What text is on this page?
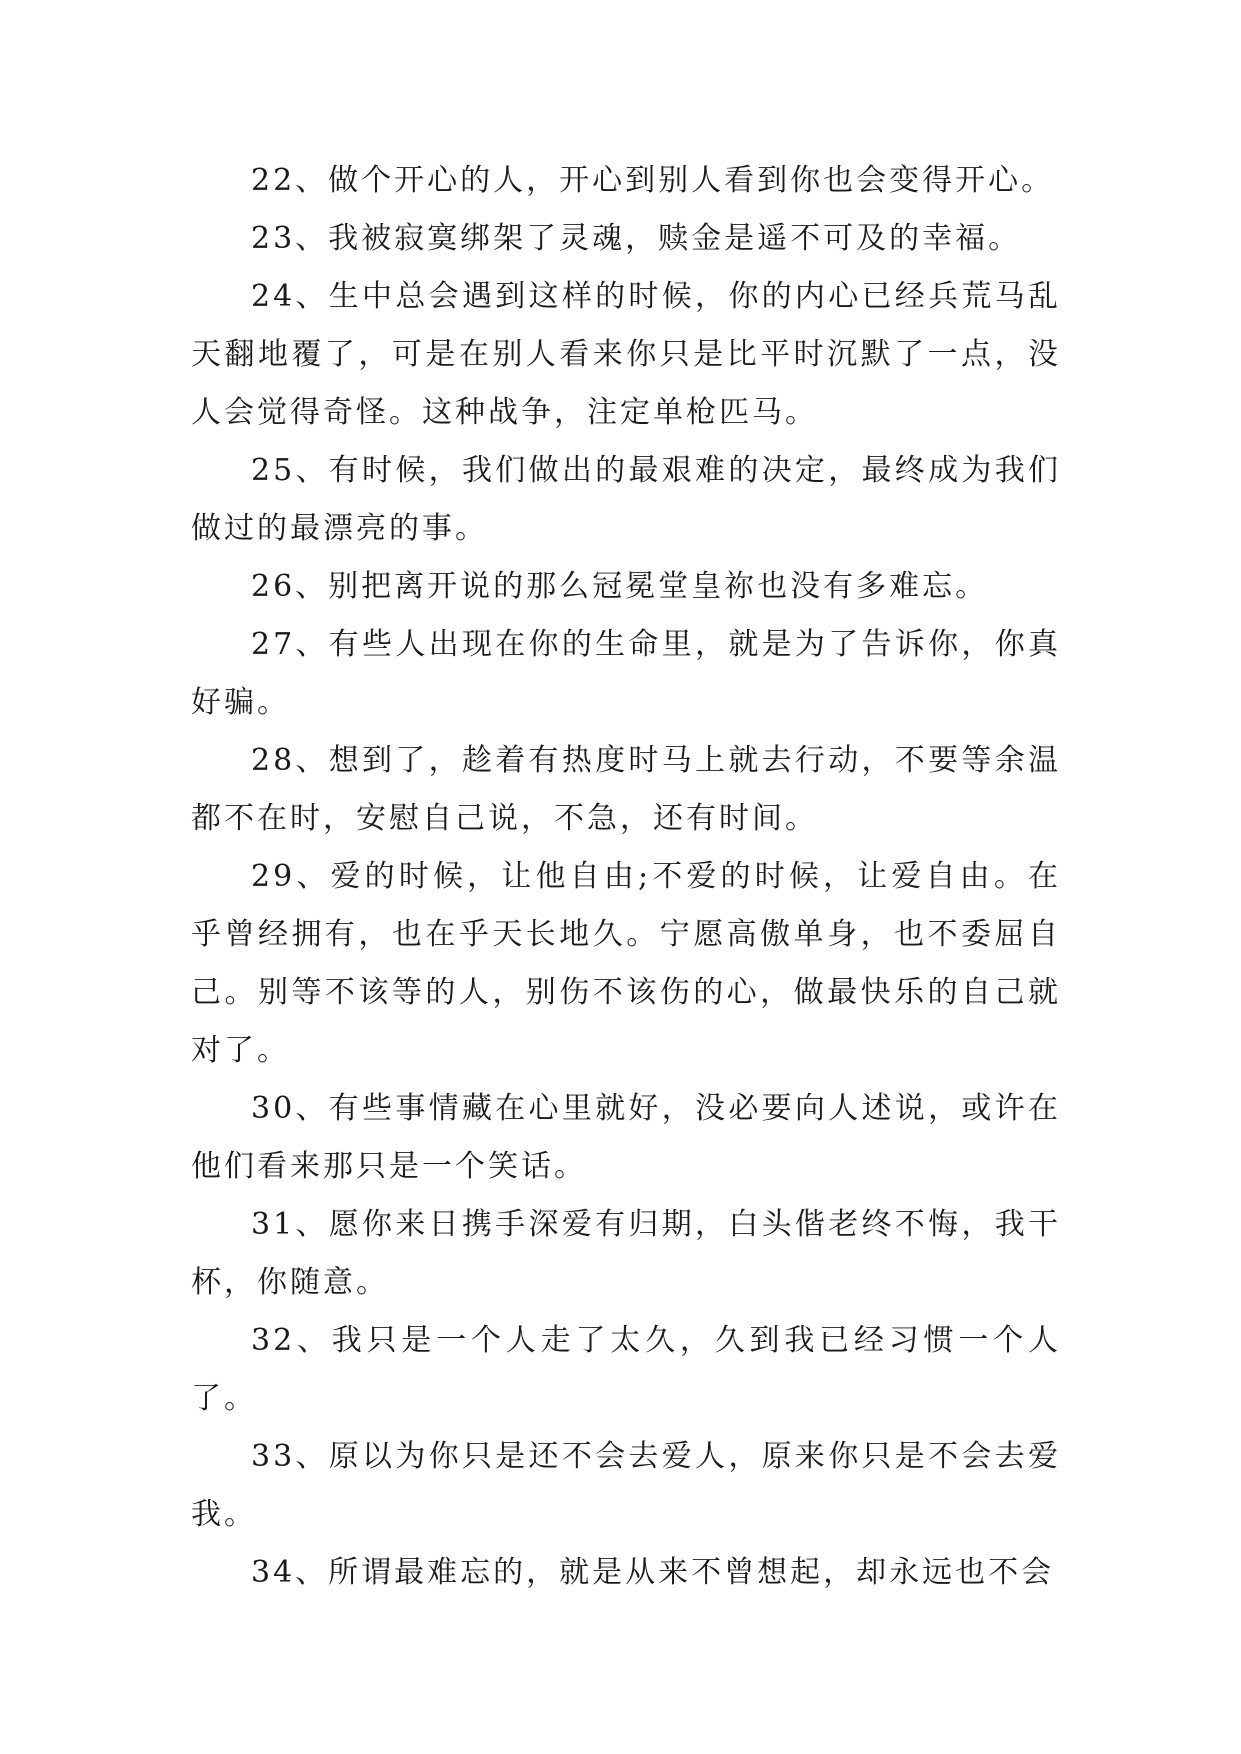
22、做个开心的人，开心到别人看到你也会变得开心。

23、我被寂寞绑架了灵魂，赎金是遥不可及的幸福。

24、生中总会遇到这样的时候，你的内心已经兵荒马乱天翻地覆了，可是在别人看来你只是比平时沉默了一点，没人会觉得奇怪。这种战争，注定单枪匹马。

25、有时候，我们做出的最艰难的决定，最终成为我们做过的最漂亮的事。

26、别把离开说的那么冠冕堂皇祢也没有多难忘。

27、有些人出现在你的生命里，就是为了告诉你，你真好骗。

28、想到了，趁着有热度时马上就去行动，不要等余温都不在时，安慰自己说，不急，还有时间。

29、爱的时候，让他自由;不爱的时候，让爱自由。在乎曾经拥有，也在乎天长地久。宁愿高傲单身，也不委屈自己。别等不该等的人，别伤不该伤的心，做最快乐的自己就对了。

30、有些事情藏在心里就好，没必要向人述说，或许在他们看来那只是一个笑话。

31、愿你来日携手深爱有归期，白头偕老终不悔，我干杯，你随意。

32、我只是一个人走了太久，久到我已经习惯一个人了。

33、原以为你只是还不会去爱人，原来你只是不会去爱我。

34、所谓最难忘的，就是从来不曾想起，却永远也不会
